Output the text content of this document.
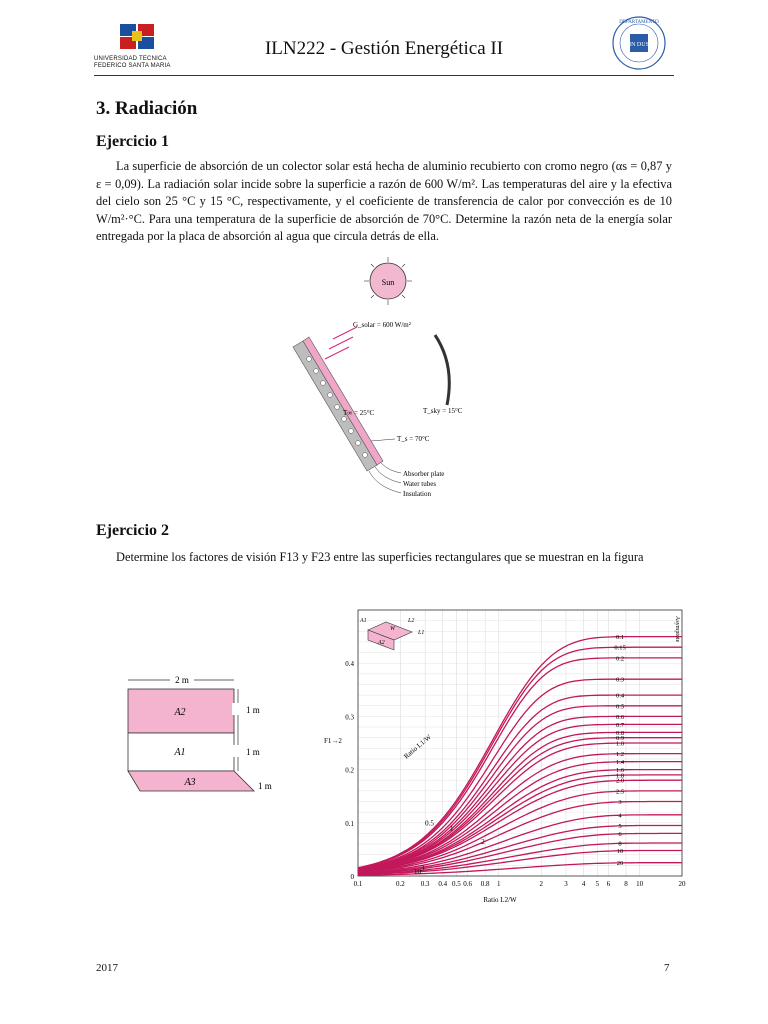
UNIVERSIDAD TECNICA
FEDERICO SANTA MARIA
ILN222 - Gestión Energética II
DEPARTAMENTO
IN DUS
3. Radiación
Ejercicio 1
La superficie de absorción de un colector solar está hecha de aluminio recubierto con cromo negro (αs = 0,87 y ε = 0,09). La radiación solar incide sobre la superficie a razón de 600 W/m². Las temperaturas del aire y la efectiva del cielo son 25 °C y 15 °C, respectivamente, y el coeficiente de transferencia de calor por convección es de 10 W/m²·°C. Para una temperatura de la superficie de absorción de 70°C. Determine la razón neta de la energía solar entregada por la placa de absorción al agua que circula detrás de ella.
Sun
G_solar = 600 W/m²
T_sky = 15°C
T∞ = 25°C
T_s = 70°C
Absorber plate
Water tubes
Insulation
Ejercicio 2
Determine los factores de visión F13 y F23 entre las superficies rectangulares que se muestran en la figura
2 m
A2
A1
A3
1 m
1 m
1 m
0.1	0.2 0.3 0.4 0.5 0.6 0.8 1	2	3 4 5 6 8 10	20
0
0.1
0.2
0.3
0.4
Ratio L2/W
F1→2
0.1
0.15
0.2
0.3
0.4
0.5
0.6
0.7
0.8
0.9
1.0
1.2
1.4
1.6
1.8
2.0
2.5
3
4
5
6
8
10
20
Ratio L1/W
Asymptote
0.5
1
2
3
10
A1
A2
W
L1
L2
2017	7
